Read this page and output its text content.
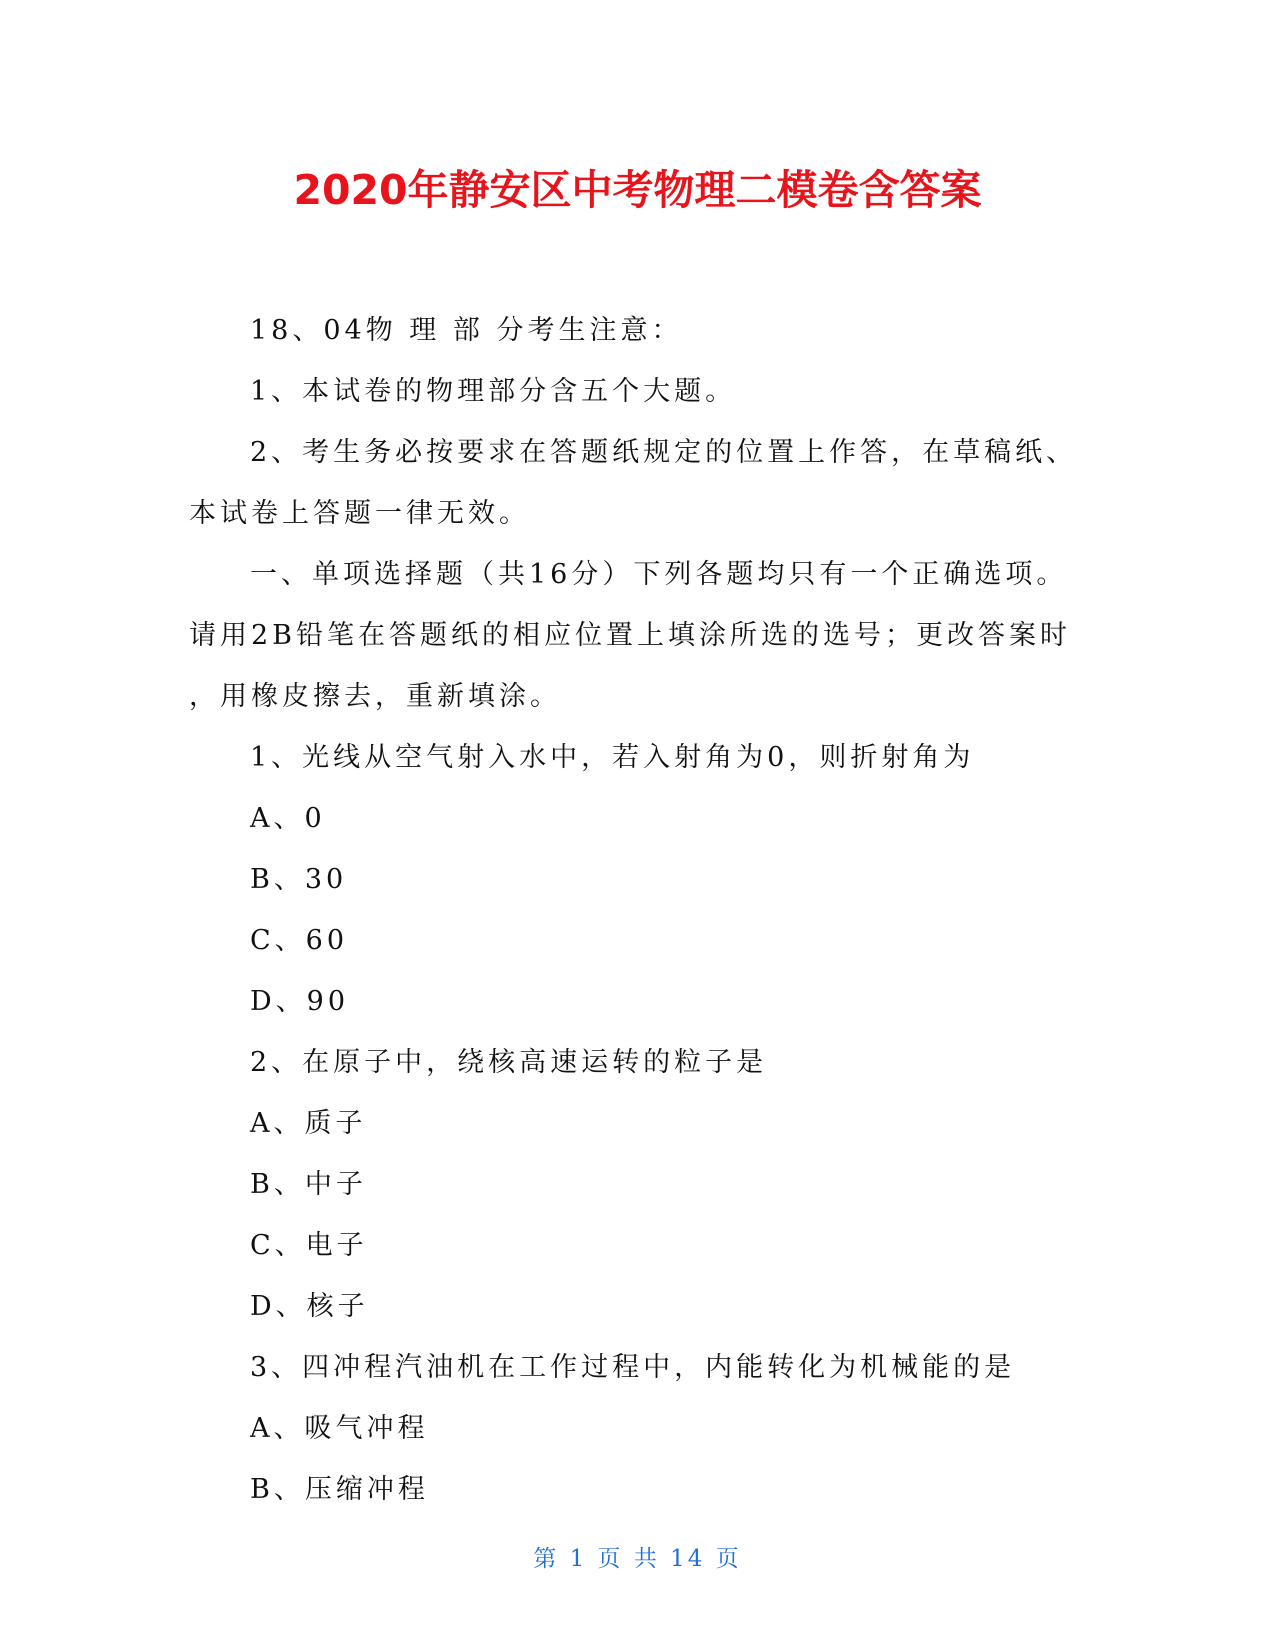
2020年静安区中考物理二模卷含答案
18、04物 理 部 分考生注意：
1、本试卷的物理部分含五个大题。
2、考生务必按要求在答题纸规定的位置上作答，在草稿纸、
本试卷上答题一律无效。
一、单项选择题（共16分）下列各题均只有一个正确选项。
请用2B铅笔在答题纸的相应位置上填涂所选的选号；更改答案时
，用橡皮擦去，重新填涂。
1、光线从空气射入水中，若入射角为0，则折射角为
A、0
B、30
C、60
D、90
2、在原子中，绕核高速运转的粒子是
A、质子
B、中子
C、电子
D、核子
3、四冲程汽油机在工作过程中，内能转化为机械能的是
A、吸气冲程
B、压缩冲程
第 1 页 共 14 页
